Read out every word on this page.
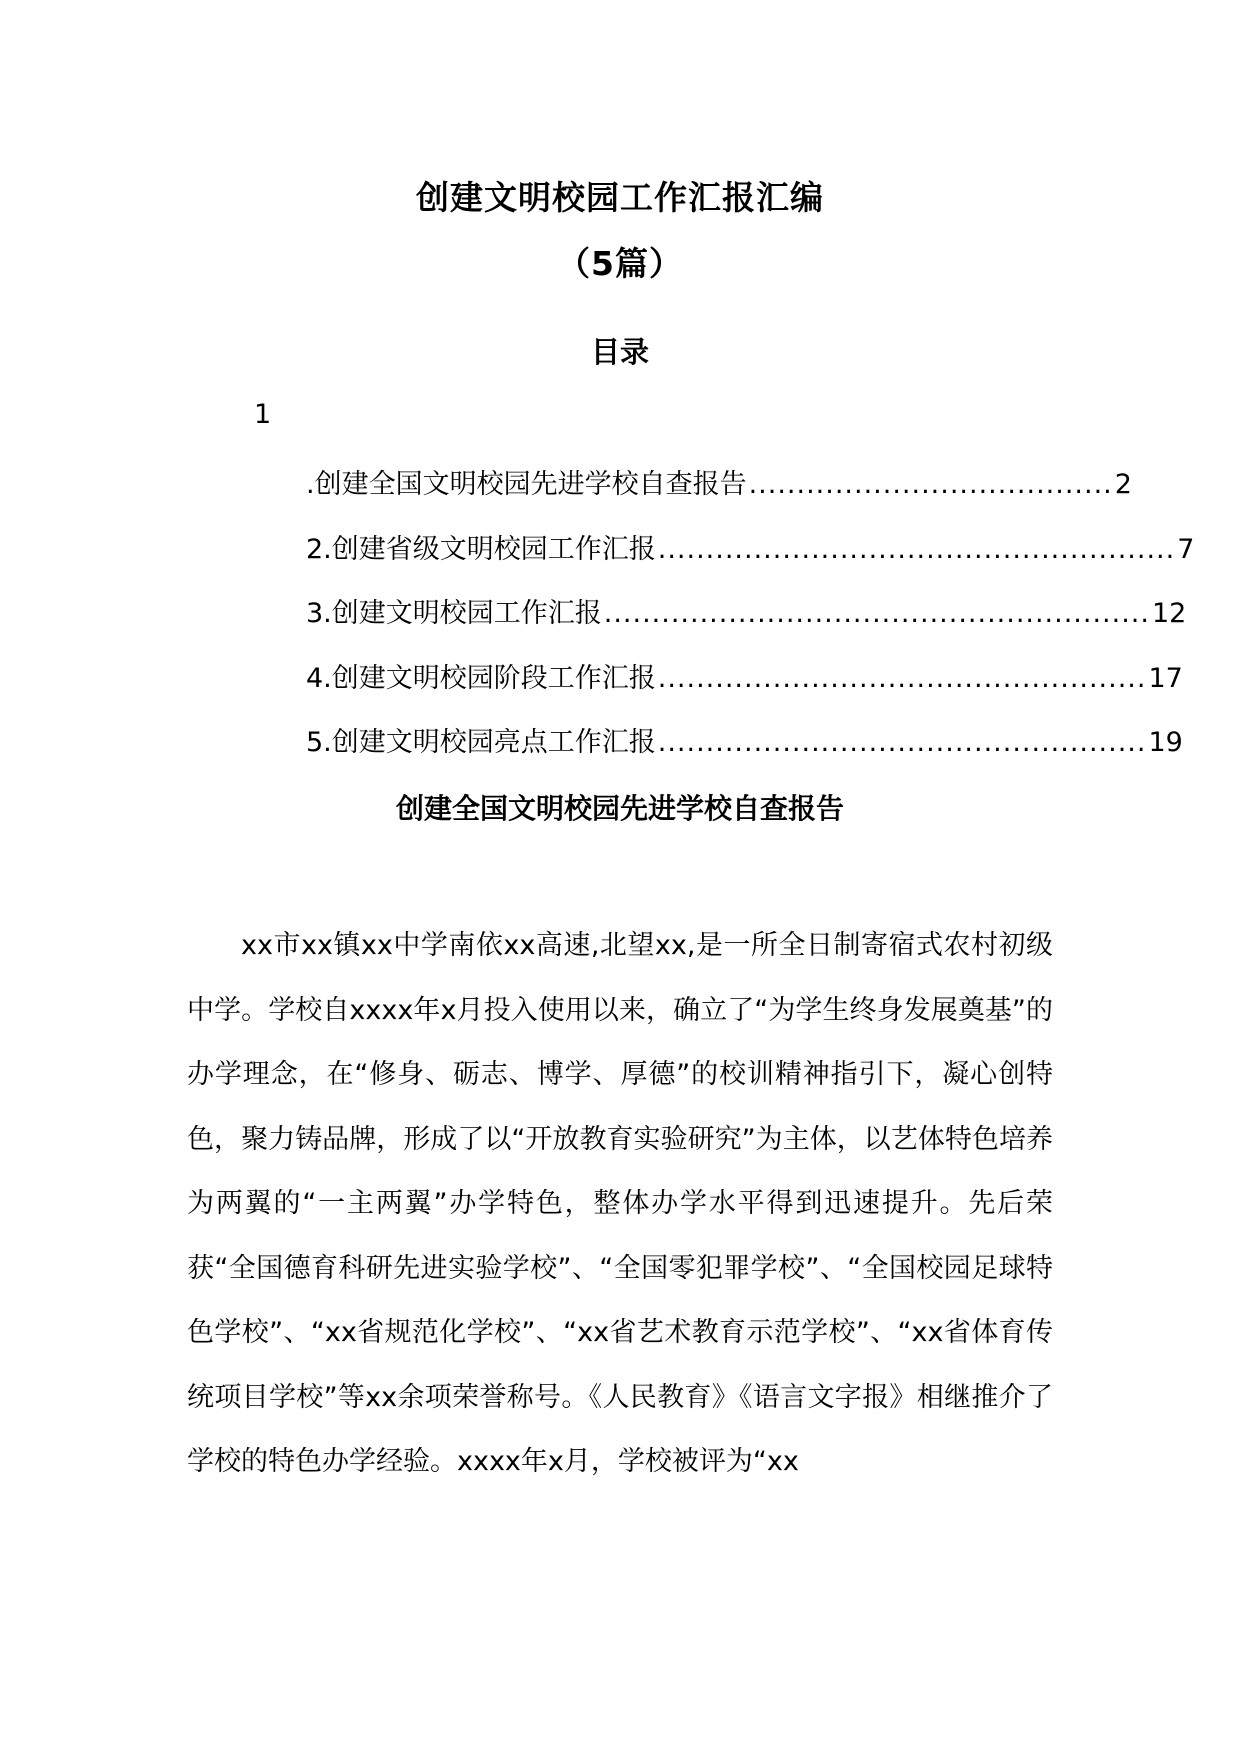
创建文明校园工作汇报汇编
（5篇）
目录
1
.创建全国文明校园先进学校自查报告 ...................................... 2
2.创建省级文明校园工作汇报 ...................................................... 7
3.创建文明校园工作汇报 ......................................................... 12
4.创建文明校园阶段工作汇报 ................................................... 17
5.创建文明校园亮点工作汇报 ................................................... 19
创建全国文明校园先进学校自查报告

xx市xx镇xx中学南依xx高速,北望xx,是一所全日制寄宿式农村初级中学。学校自xxxx年x月投入使用以来，确立了“为学生终身发展奠基”的办学理念，在“修身、砺志、博学、厚德”的校训精神指引下，凝心创特色，聚力铸品牌，形成了以“开放教育实验研究”为主体，以艺体特色培养为两翼的“一主两翼”办学特色，整体办学水平得到迅速提升。先后荣获“全国德育科研先进实验学校”、“全国零犯罪学校”、“全国校园足球特色学校”、“xx省规范化学校”、“xx省艺术教育示范学校”、“xx省体育传统项目学校”等xx余项荣誉称号。《人民教育》《语言文字报》相继推介了学校的特色办学经验。xxxx年x月，学校被评为“xx
